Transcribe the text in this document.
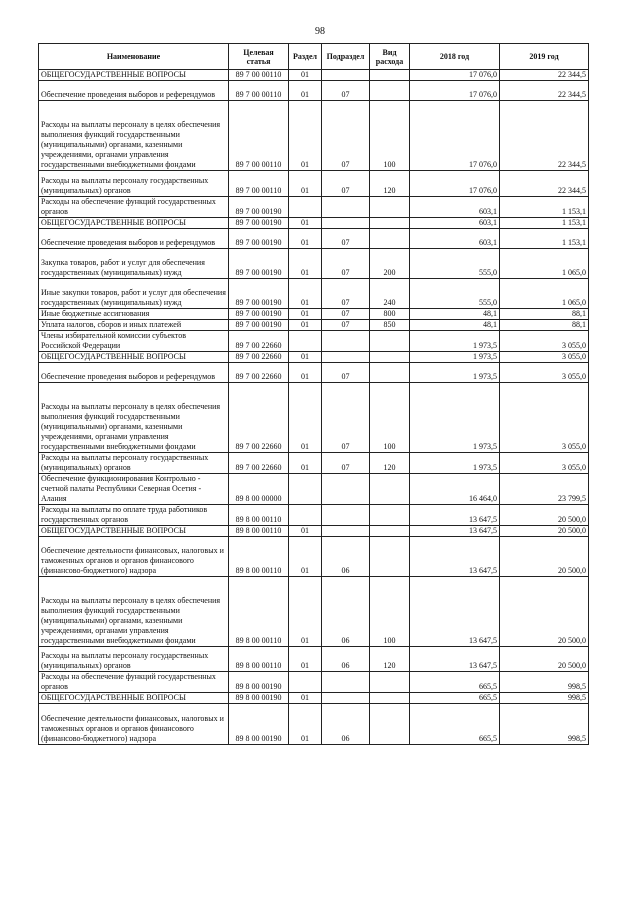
98
Наименование	Целевая статья	Раздел	Подраздел	Вид расхода	2018 год	2019 год
ОБЩЕГОСУДАРСТВЕННЫЕ ВОПРОСЫ	89 7 00 00110	01			17 076,0	22 344,5
Обеспечение проведения выборов и референдумов	89 7 00 00110	01	07		17 076,0	22 344,5
Расходы на выплаты персоналу в целях обеспечения выполнения функций государственными (муниципальными) органами, казенными учреждениями, органами управления государственными внебюджетными фондами	89 7 00 00110	01	07	100	17 076,0	22 344,5
Расходы на выплаты персоналу государственных (муниципальных) органов	89 7 00 00110	01	07	120	17 076,0	22 344,5
Расходы на обеспечение функций государственных органов	89 7 00 00190				603,1	1 153,1
ОБЩЕГОСУДАРСТВЕННЫЕ ВОПРОСЫ	89 7 00 00190	01			603,1	1 153,1
Обеспечение проведения выборов и референдумов	89 7 00 00190	01	07		603,1	1 153,1
Закупка товаров, работ и услуг для обеспечения государственных (муниципальных) нужд	89 7 00 00190	01	07	200	555,0	1 065,0
Иные закупки товаров, работ и услуг для обеспечения государственных (муниципальных) нужд	89 7 00 00190	01	07	240	555,0	1 065,0
Иные бюджетные ассигнования	89 7 00 00190	01	07	800	48,1	88,1
Уплата налогов, сборов и иных платежей	89 7 00 00190	01	07	850	48,1	88,1
Члены избирательной комиссии субъектов Российской Федерации	89 7 00 22660				1 973,5	3 055,0
ОБЩЕГОСУДАРСТВЕННЫЕ ВОПРОСЫ	89 7 00 22660	01			1 973,5	3 055,0
Обеспечение проведения выборов и референдумов	89 7 00 22660	01	07		1 973,5	3 055,0
Расходы на выплаты персоналу в целях обеспечения выполнения функций государственными (муниципальными) органами, казенными учреждениями, органами управления государственными внебюджетными фондами	89 7 00 22660	01	07	100	1 973,5	3 055,0
Расходы на выплаты персоналу государственных (муниципальных) органов	89 7 00 22660	01	07	120	1 973,5	3 055,0
Обеспечение функционирования Контрольно - счетной палаты Республики Северная Осетия - Алания	89 8 00 00000				16 464,0	23 799,5
Расходы на выплаты по оплате труда работников государственных органов	89 8 00 00110				13 647,5	20 500,0
ОБЩЕГОСУДАРСТВЕННЫЕ ВОПРОСЫ	89 8 00 00110	01			13 647,5	20 500,0
Обеспечение деятельности финансовых, налоговых и таможенных органов и органов финансового (финансово-бюджетного) надзора	89 8 00 00110	01	06		13 647,5	20 500,0
Расходы на выплаты персоналу в целях обеспечения выполнения функций государственными (муниципальными) органами, казенными учреждениями, органами управления государственными внебюджетными фондами	89 8 00 00110	01	06	100	13 647,5	20 500,0
Расходы на выплаты персоналу государственных (муниципальных) органов	89 8 00 00110	01	06	120	13 647,5	20 500,0
Расходы на обеспечение функций государственных органов	89 8 00 00190				665,5	998,5
ОБЩЕГОСУДАРСТВЕННЫЕ ВОПРОСЫ	89 8 00 00190	01			665,5	998,5
Обеспечение деятельности финансовых, налоговых и таможенных органов и органов финансового (финансово-бюджетного) надзора	89 8 00 00190	01	06		665,5	998,5
